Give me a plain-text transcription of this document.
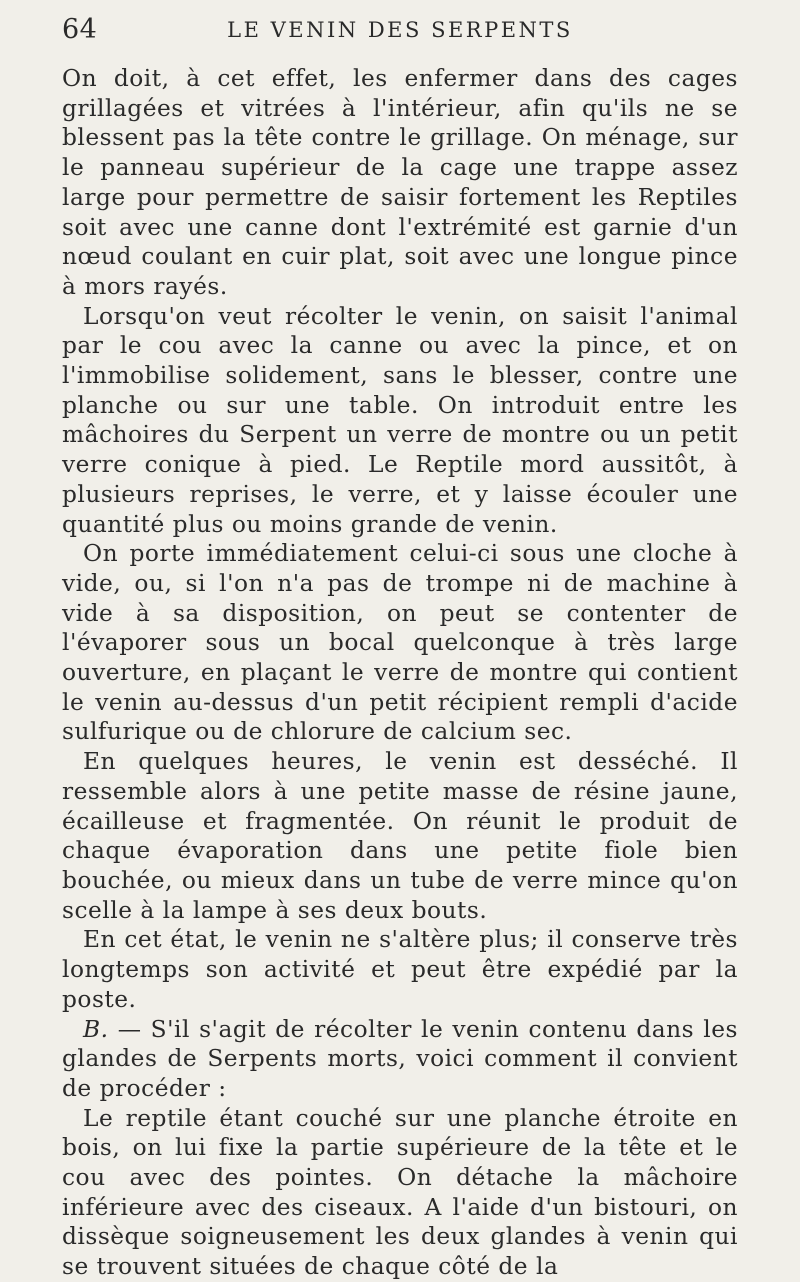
64	LE VENIN DES SERPENTS

On doit, à cet effet, les enfermer dans des cages grillagées et vitrées à l'intérieur, afin qu'ils ne se blessent pas la tête contre le grillage. On ménage, sur le panneau supérieur de la cage une trappe assez large pour permettre de saisir fortement les Reptiles soit avec une canne dont l'extrémité est garnie d'un nœud coulant en cuir plat, soit avec une longue pince à mors rayés.

Lorsqu'on veut récolter le venin, on saisit l'animal par le cou avec la canne ou avec la pince, et on l'immobilise solidement, sans le blesser, contre une planche ou sur une table. On introduit entre les mâchoires du Serpent un verre de montre ou un petit verre conique à pied. Le Reptile mord aussitôt, à plusieurs reprises, le verre, et y laisse écouler une quantité plus ou moins grande de venin.

On porte immédiatement celui-ci sous une cloche à vide, ou, si l'on n'a pas de trompe ni de machine à vide à sa disposition, on peut se contenter de l'évaporer sous un bocal quelconque à très large ouverture, en plaçant le verre de montre qui contient le venin au-dessus d'un petit récipient rempli d'acide sulfurique ou de chlorure de calcium sec.

En quelques heures, le venin est desséché. Il ressemble alors à une petite masse de résine jaune, écailleuse et fragmentée. On réunit le produit de chaque évaporation dans une petite fiole bien bouchée, ou mieux dans un tube de verre mince qu'on scelle à la lampe à ses deux bouts.

En cet état, le venin ne s'altère plus; il conserve très longtemps son activité et peut être expédié par la poste.

B. — S'il s'agit de récolter le venin contenu dans les glandes de Serpents morts, voici comment il convient de procéder :

Le reptile étant couché sur une planche étroite en bois, on lui fixe la partie supérieure de la tête et le cou avec des pointes. On détache la mâchoire inférieure avec des ciseaux. A l'aide d'un bistouri, on dissèque soigneusement les deux glandes à venin qui se trouvent situées de chaque côté de la
